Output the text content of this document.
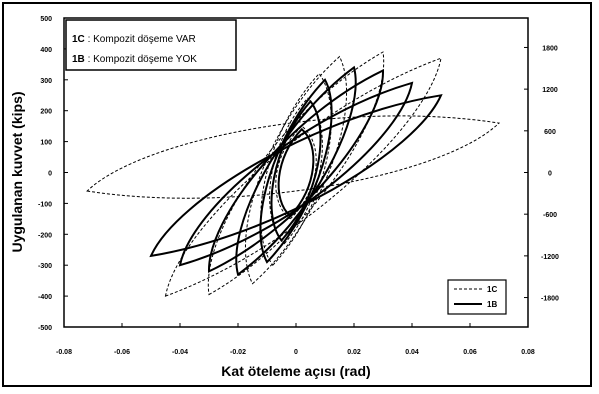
-0.08	-0.06	-0.04	-0.02	0	0.02	0.04	0.06	0.08
500
400
300
200
100
0
-100
-200
-300
-400
-500
1800
1200
600
0
-600
-1200
-1800
1C : Kompozit döşeme VAR
1B : Kompozit döşeme YOK
1C
1B
Kat öteleme açısı (rad)
Uygulanan kuvvet (kips)
